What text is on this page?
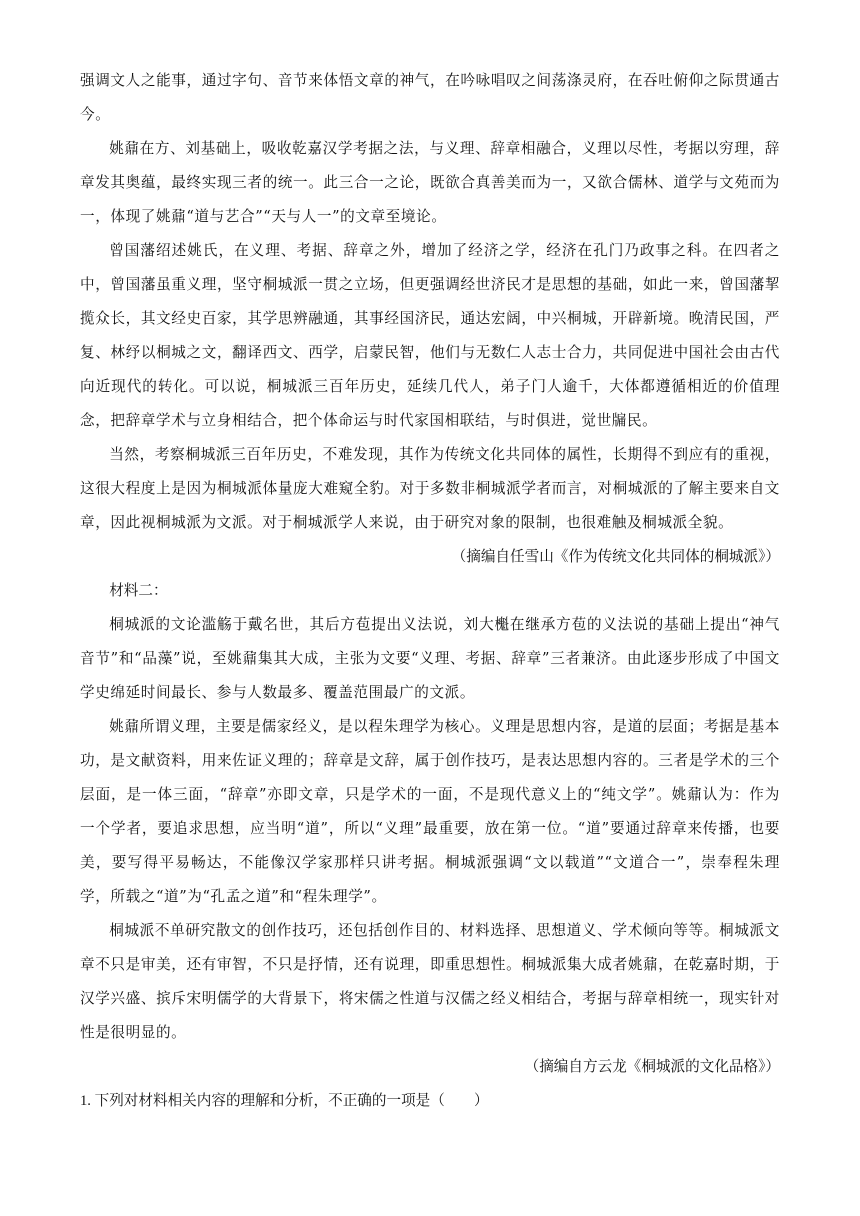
强调文人之能事，通过字句、音节来体悟文章的神气，在吟咏唱叹之间荡涤灵府，在吞吐俯仰之际贯通古今。

姚鼐在方、刘基础上，吸收乾嘉汉学考据之法，与义理、辞章相融合，义理以尽性，考据以穷理，辞章发其奥蕴，最终实现三者的统一。此三合一之论，既欲合真善美而为一，又欲合儒林、道学与文苑而为一，体现了姚鼐“道与艺合”“天与人一”的文章至境论。

曾国藩绍述姚氏，在义理、考据、辞章之外，增加了经济之学，经济在孔门乃政事之科。在四者之中，曾国藩虽重义理，坚守桐城派一贯之立场，但更强调经世济民才是思想的基础，如此一来，曾国藩挈揽众长，其文经史百家，其学思辨融通，其事经国济民，通达宏阔，中兴桐城，开辟新境。晚清民国，严复、林纾以桐城之文，翻译西文、西学，启蒙民智，他们与无数仁人志士合力，共同促进中国社会由古代向近现代的转化。可以说，桐城派三百年历史，延续几代人，弟子门人逾千，大体都遵循相近的价值理念，把辞章学术与立身相结合，把个体命运与时代家国相联结，与时俱进，觉世牖民。

当然，考察桐城派三百年历史，不难发现，其作为传统文化共同体的属性，长期得不到应有的重视，这很大程度上是因为桐城派体量庞大难窥全豹。对于多数非桐城派学者而言，对桐城派的了解主要来自文章，因此视桐城派为文派。对于桐城派学人来说，由于研究对象的限制，也很难触及桐城派全貌。

（摘编自任雪山《作为传统文化共同体的桐城派》）

材料二：

桐城派的文论滥觞于戴名世，其后方苞提出义法说，刘大櫆在继承方苞的义法说的基础上提出“神气音节”和“品藻”说，至姚鼐集其大成，主张为文要“义理、考据、辞章”三者兼济。由此逐步形成了中国文学史绵延时间最长、参与人数最多、覆盖范围最广的文派。

姚鼐所谓义理，主要是儒家经义，是以程朱理学为核心。义理是思想内容，是道的层面；考据是基本功，是文献资料，用来佐证义理的；辞章是文辞，属于创作技巧，是表达思想内容的。三者是学术的三个层面，是一体三面，“辞章”亦即文章，只是学术的一面，不是现代意义上的“纯文学”。姚鼐认为：作为一个学者，要追求思想，应当明“道”，所以“义理”最重要，放在第一位。“道”要通过辞章来传播，也要美，要写得平易畅达，不能像汉学家那样只讲考据。桐城派强调“文以载道”“文道合一”，崇奉程朱理学，所载之“道”为“孔孟之道”和“程朱理学”。

桐城派不单研究散文的创作技巧，还包括创作目的、材料选择、思想道义、学术倾向等等。桐城派文章不只是审美，还有审智，不只是抒情，还有说理，即重思想性。桐城派集大成者姚鼐，在乾嘉时期，于汉学兴盛、摈斥宋明儒学的大背景下，将宋儒之性道与汉儒之经义相结合，考据与辞章相统一，现实针对性是很明显的。

（摘编自方云龙《桐城派的文化品格》）

1. 下列对材料相关内容的理解和分析，不正确的一项是（　　）
